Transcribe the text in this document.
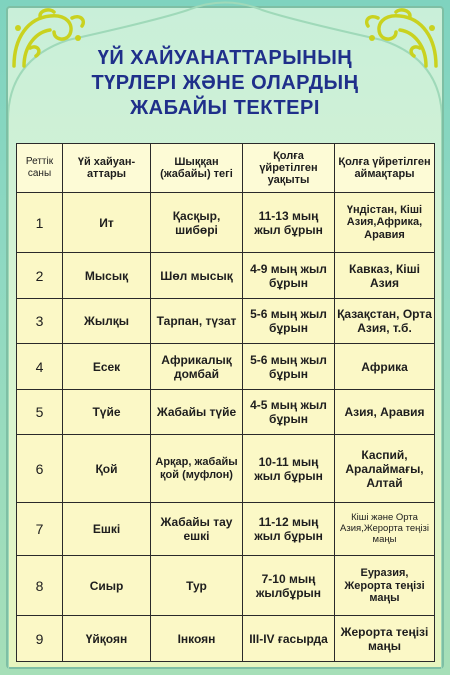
ҮЙ ХАЙУАНАТТАРЫНЫҢ
ТҮРЛЕРІ ЖӘНЕ ОЛАРДЫҢ
ЖАБАЙЫ ТЕКТЕРІ
Реттік саны	Үй хайуан-аттары	Шыққан (жабайы) тегі	Қолға үйретілген уақыты	Қолға үйретілген аймақтары
1	Ит	Қасқыр, шибөрі	11-13 мың жыл бұрын	Үндістан, Кіші Азия,Африка, Аравия
2	Мысық	Шөл мысық	4-9 мың жыл бұрын	Кавказ, Кіші Азия
3	Жылқы	Тарпан, түзат	5-6 мың жыл бұрын	Қазақстан, Орта Азия, т.б.
4	Есек	Африкалық домбай	5-6 мың жыл бұрын	Африка
5	Түйе	Жабайы түйе	4-5 мың жыл бұрын	Азия, Аравия
6	Қой	Арқар, жабайы қой (муфлон)	10-11 мың жыл бұрын	Каспий, Аралаймағы, Алтай
7	Ешкі	Жабайы тау ешкі	11-12 мың жыл бұрын	Кіші және Орта Азия,Жерорта теңізі маңы
8	Сиыр	Тур	7-10 мың жылбұрын	Еуразия, Жерорта теңізі маңы
9	Үйқоян	Інкоян	III-IV ғасырда	Жерорта теңізі маңы
